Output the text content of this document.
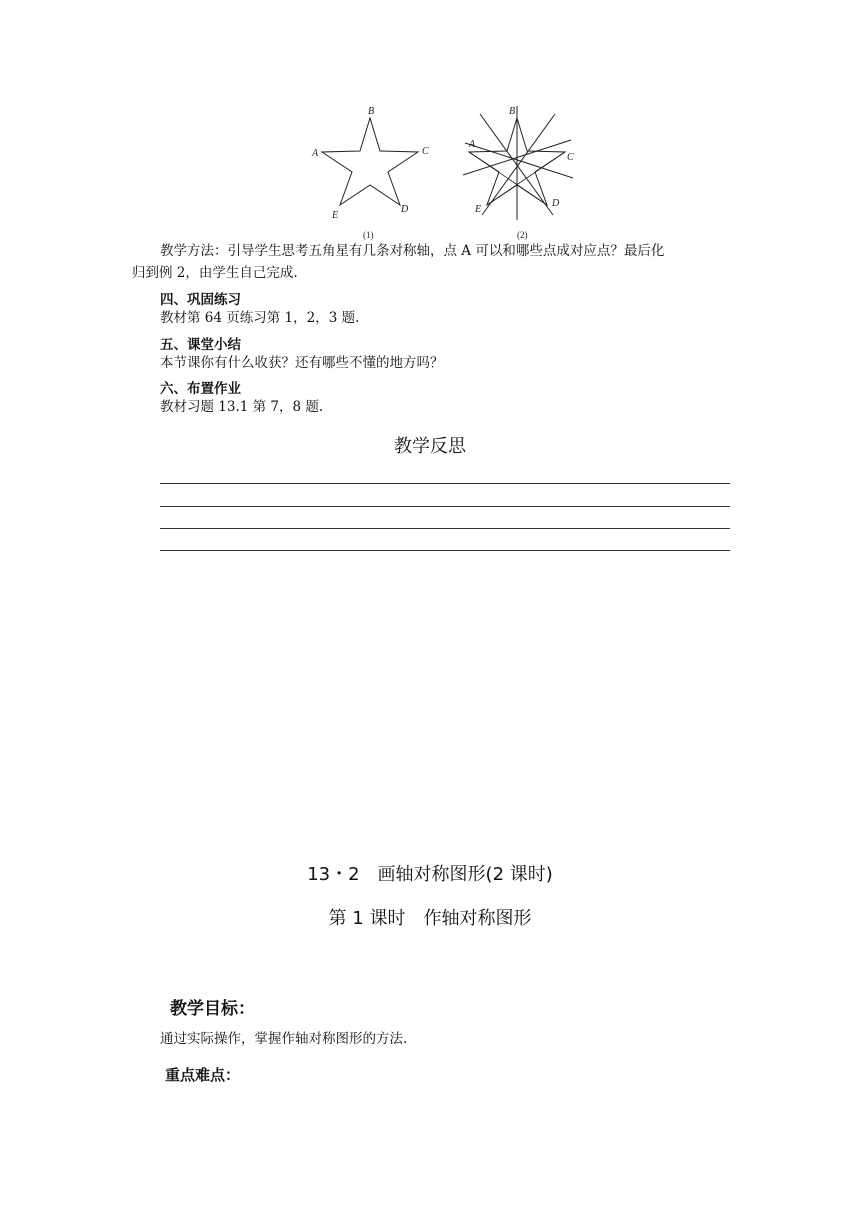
B
A	C
D
E
(1)
B
A
C
D
E
(2)
教学方法：引导学生思考五角星有几条对称轴，点 A 可以和哪些点成对应点？最后化
归到例 2，由学生自己完成.
四、巩固练习
教材第 64 页练习第 1，2，3 题.
五、课堂小结
本节课你有什么收获？还有哪些不懂的地方吗？
六、布置作业
教材习题 13.1 第 7，8 题.
教学反思
13・2　画轴对称图形(2 课时)
第 1 课时　作轴对称图形
教学目标：
通过实际操作，掌握作轴对称图形的方法.
重点难点：
